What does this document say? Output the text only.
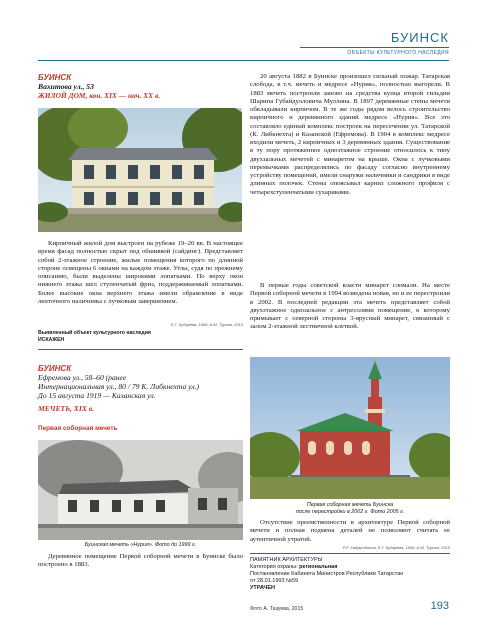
БУИНСК
ОБЪЕКТЫ КУЛЬТУРНОГО НАСЛЕДИЯ
БУИНСК
Вахитова ул., 53
ЖИЛОЙ ДОМ, кон. XIX — нач. XX в.
Кирпичный жилой дом выстроен на рубеже 19–20 вв. В настоящее время фасад полностью скрыт под обшивкой (сайдинг). Представляет собой 2-этажное строение, жилые помещения которого по длинной стороне освещены 6 окнами на каждом этаже. Углы, судя по прежнему описанию, были выделены широкими лопатками. По верху окон нижнего этажа шел ступенчатый фриз, поддерживаемый лопатками. Более высокие окна верхнего этажа имели обрамление в виде ленточного наличника с лучковым завершением.
Е.Г. Кубарева, 1999; А.М. Турова, 2015
Выявленный объект культурного наследия
ИСКАЖЕН
20 августа 1882 в Буинске произошел сильный пожар. Татарская слобода, в т.ч. мечеть и медресе «Нурия», полностью выгорели. В 1883 мечеть построили заново на средства купца второй гильдии Шарипа Губайдулловича Муллина. В 1897 деревянные стены мечети обкладывали кирпичом. В те же годы рядом велось строительство кирпичного и деревянного зданий медресе «Нурия». Все это составляло единый комплекс построек на пересечении ул. Татарской (К. Либкнехта) и Казанской (Ефремова). В 1904 в комплекс медресе входили мечеть, 2 кирпичных и 3 деревянных здания. Существование в ту пору протяженное одноэтажное строение относилось к типу двухзальных мечетей с минаретом на крыше. Окна с лучковыми перемычками распределялись по фасаду согласно внутреннему устройству помещений, имели снаружи наличники и сандрики в виде длинных полочек. Стены опоясывал карниз сложного профиля с четырехступенчатыми сухариками.
В первые годы советской власти минарет сломали. На месте Первой соборной мечети в 1994 возведена новая, но и ее перестроили в 2002. В последней редакции эта мечеть представляет собой двухэтажное однозальное с антресолями помещение, к которому примыкает с северной стороны 3-ярусный минарет, связанный с залом 2-этажной лестничной клеткой.
БУИНСК
Ефремова ул., 58–60 (ранее
Интернациональная ул., 80 / 79 К. Либкнехта ул.)
До 15 августа 1919 — Казанская ул.
МЕЧЕТЬ, XIX в.
Первая соборная мечеть
Буинская мечеть «Нурия». Фото до 1999 г.
Деревянное помещение Первой соборной мечети в Буинске было построено в 1883.
Первая соборная мечеть Буинска
после перестройки в 2002 г. Фото 2005 г.
Отсутствие преемственности в архитектуре Первой соборной мечети и полная подмена деталей не позволяют считать ее аутентичной утратой.
Р.Р. Хайрутдинов, Е.Г. Кубарева, 1999; А.М. Турова, 2015
ПАМЯТНИК АРХИТЕКТУРЫ
Категория охраны: региональная
Постановление Кабинета Министров Республики Татарстан
от 28.01.1993 №59
УТРАЧЕН
Фото А. Тазуева, 2015	193
